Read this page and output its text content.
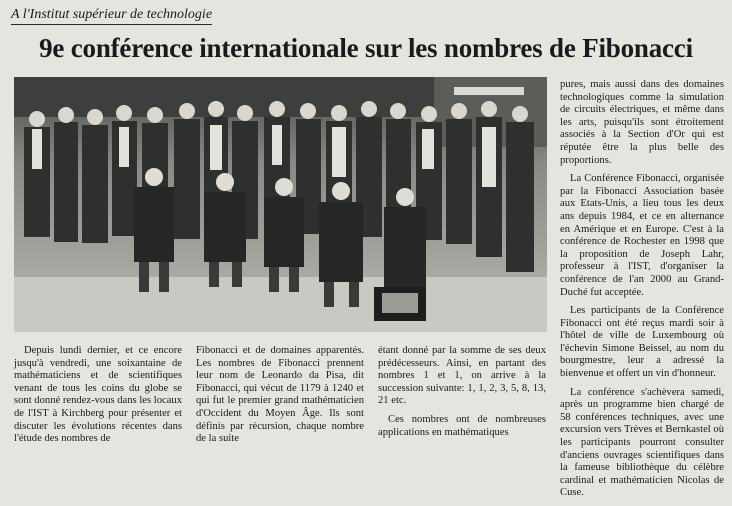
A l'Institut supérieur de technologie
9e conférence internationale sur les nombres de Fibonacci

pures, mais aussi dans des domaines technologiques comme la simulation de circuits électriques, et même dans les arts, puisqu'ils sont étroitement associés à la Section d'Or qui est réputée être la plus belle des proportions.

La Conférence Fibonacci, organisée par la Fibonacci Association basée aux Etats-Unis, a lieu tous les deux ans depuis 1984, et ce en alternance en Amérique et en Europe. C'est à la conférence de Rochester en 1998 que la proposition de Joseph Lahr, professeur à l'IST, d'organiser la conférence de l'an 2000 au Grand-Duché fut acceptée.

Les participants de la Conférence Fibonacci ont été reçus mardi soir à l'hôtel de ville de Luxembourg où l'échevin Simone Beissel, au nom du bourgmestre, leur a adressé la bienvenue et offert un vin d'honneur.

La conférence s'achèvera samedi, après un programme bien chargé de 58 conférences techniques, avec une excursion vers Trèves et Bernkastel où les participants pourront consulter d'anciens ouvrages scientifiques dans la fameuse bibliothèque du célèbre cardinal et mathématicien Nicolas de Cuse.

Depuis lundi dernier, et ce encore jusqu'à vendredi, une soixantaine de mathématiciens et de scientifiques venant de tous les coins du globe se sont donné rendez-vous dans les locaux de l'IST à Kirchberg pour présenter et discuter les évolutions récentes dans l'étude des nombres de

Fibonacci et de domaines apparentés. Les nombres de Fibonacci prennent leur nom de Leonardo da Pisa, dit Fibonacci, qui vécut de 1179 à 1240 et qui fut le premier grand mathématicien d'Occident du Moyen Âge. Ils sont définis par récursion, chaque nombre de la suite

étant donné par la somme de ses deux prédécesseurs. Ainsi, en partant des nombres 1 et 1, on arrive à la succession suivante: 1, 1, 2, 3, 5, 8, 13, 21 etc.

Ces nombres ont de nombreuses applications en mathématiques
